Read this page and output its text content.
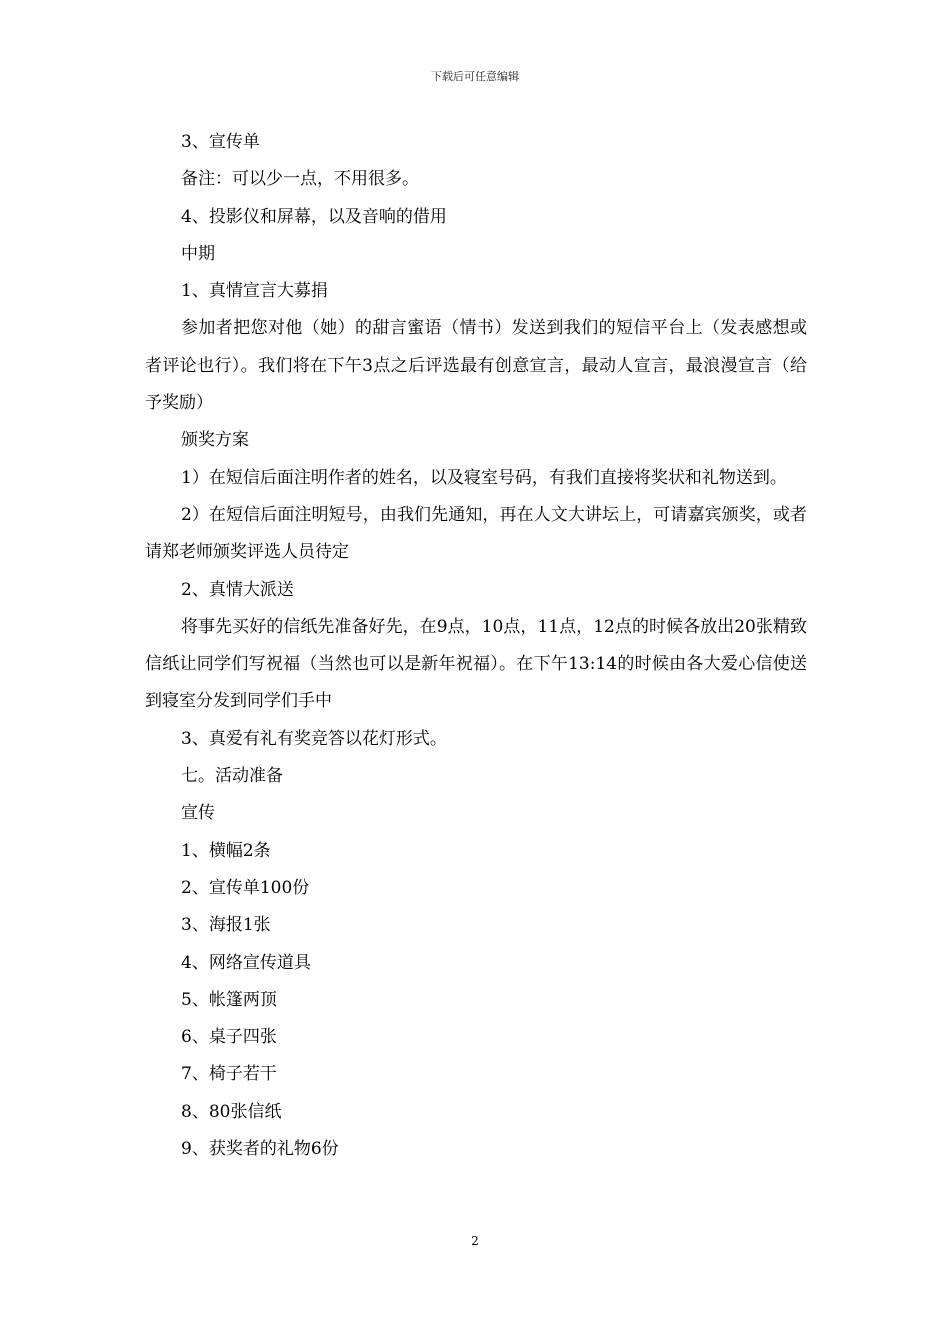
下载后可任意编辑

3、宣传单

备注：可以少一点，不用很多。

4、投影仪和屏幕，以及音响的借用

中期

1、真情宣言大募捐

参加者把您对他（她）的甜言蜜语（情书）发送到我们的短信平台上（发表感想或者评论也行）。我们将在下午3点之后评选最有创意宣言，最动人宣言，最浪漫宣言（给予奖励）

颁奖方案

1）在短信后面注明作者的姓名，以及寝室号码，有我们直接将奖状和礼物送到。

2）在短信后面注明短号，由我们先通知，再在人文大讲坛上，可请嘉宾颁奖，或者请郑老师颁奖评选人员待定

2、真情大派送

将事先买好的信纸先准备好先，在9点，10点，11点，12点的时候各放出20张精致信纸让同学们写祝福（当然也可以是新年祝福）。在下午13:14的时候由各大爱心信使送到寝室分发到同学们手中

3、真爱有礼有奖竞答以花灯形式。

七。活动准备

宣传

1、横幅2条

2、宣传单100份

3、海报1张

4、网络宣传道具

5、帐篷两顶

6、桌子四张

7、椅子若干

8、80张信纸

9、获奖者的礼物6份

2
